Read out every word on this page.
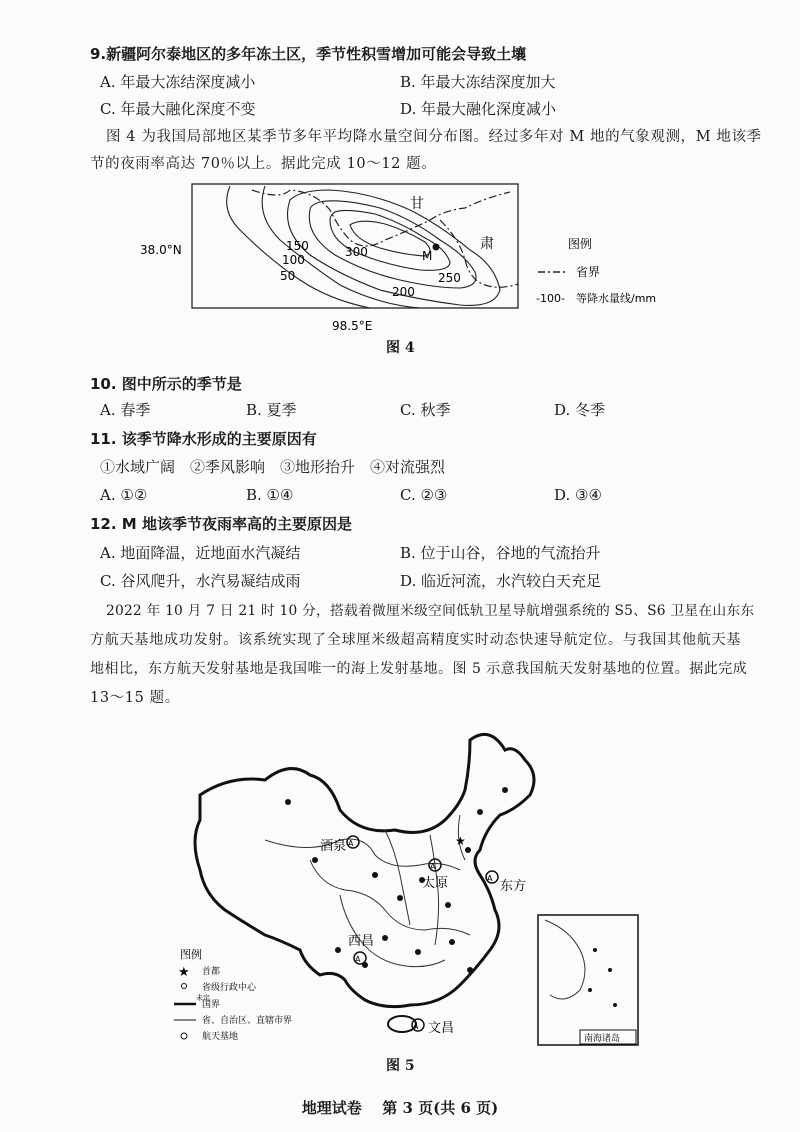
9.新疆阿尔泰地区的多年冻土区，季节性积雪增加可能会导致土壤
A. 年最大冻结深度减小	B. 年最大冻结深度加大
C. 年最大融化深度不变	D. 年最大融化深度减小
图 4 为我国局部地区某季节多年平均降水量空间分布图。经过多年对 M 地的气象观测，M 地该季
节的夜雨率高达 70％以上。据此完成 10～12 题。
M
甘
肃
300
250
200
150
100
50
38.0°N
98.5°E
图例
省界
-100- 等降水量线/mm
图 4
10. 图中所示的季节是
A. 春季	B. 夏季	C. 秋季	D. 冬季
11. 该季节降水形成的主要原因有
①水域广阔　②季风影响　③地形抬升　④对流强烈
A. ①②	B. ①④	C. ②③	D. ③④
12. M 地该季节夜雨率高的主要原因是
A. 地面降温，近地面水汽凝结	B. 位于山谷，谷地的气流抬升
C. 谷风爬升，水汽易凝结成雨	D. 临近河流，水汽较白天充足
2022 年 10 月 7 日 21 时 10 分，搭载着微厘米级空间低轨卫星导航增强系统的 S5、S6 卫星在山东东
方航天基地成功发射。该系统实现了全球厘米级超高精度实时动态快速导航定位。与我国其他航天基
地相比，东方航天发射基地是我国唯一的海上发射基地。图 5 示意我国航天发射基地的位置。据此完成
13～15 题。
★
A
A
A
A
A
酒泉
太原	东方
西昌
文昌
南海诸岛
图例
★ 首都
省级行政中心
未定
国界
省、自治区、直辖市界
航天基地
图 5
地理试卷 第 3 页(共 6 页)
